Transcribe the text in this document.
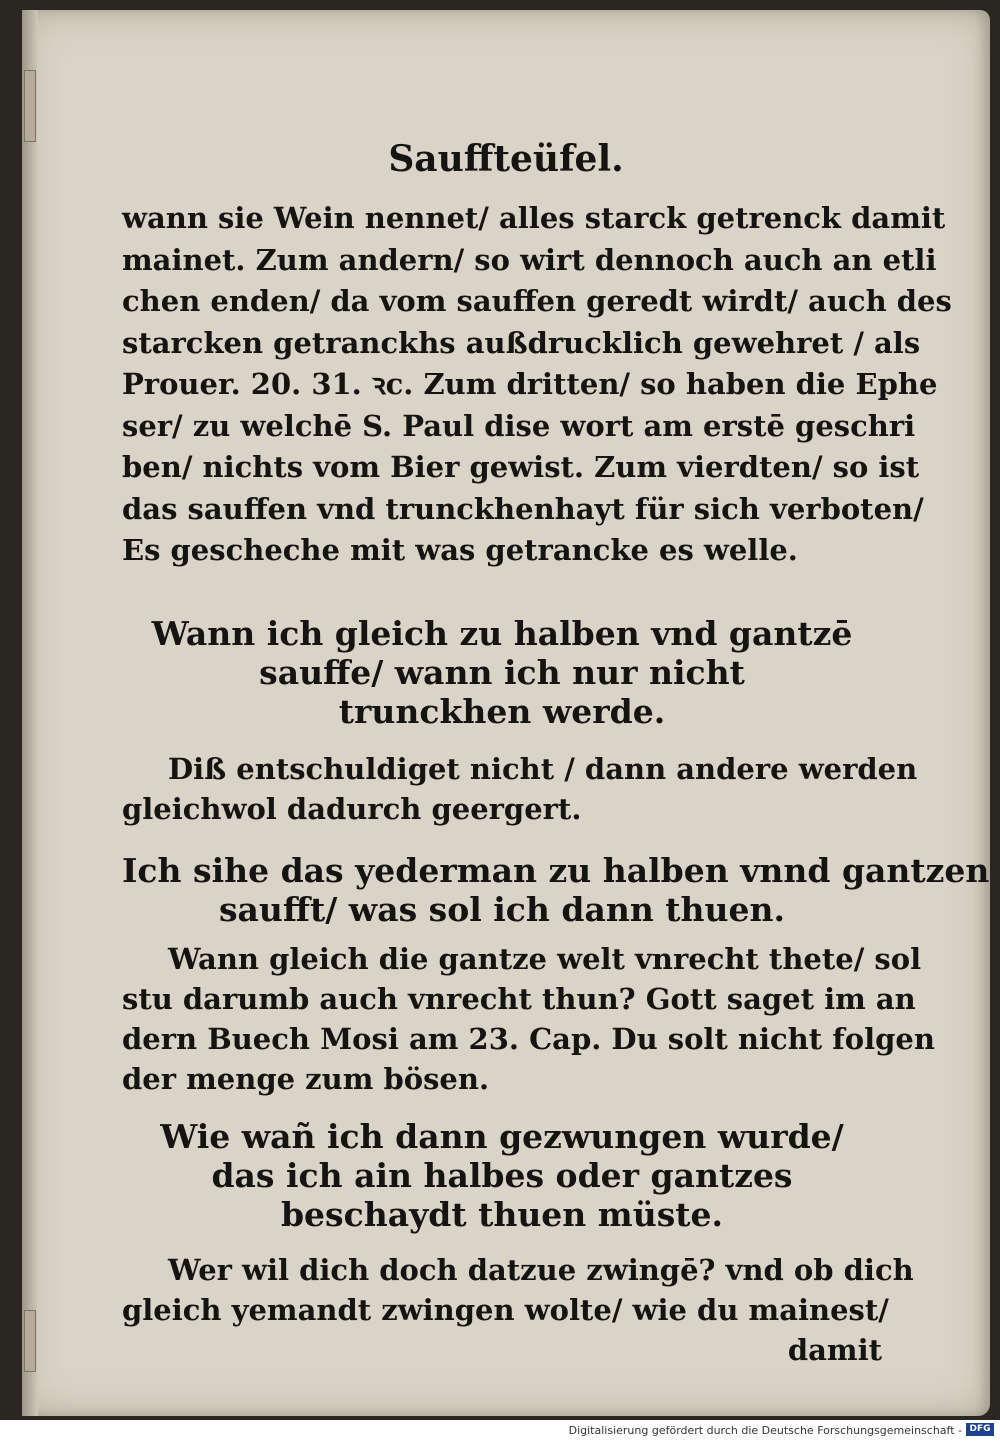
Sauffteüfel.

wann sie Wein nennet/ alles starck getrenck damit
mainet. Zum andern/ so wirt dennoch auch an etli
chen enden/ da vom sauffen geredt wirdt/ auch des
starcken getranckhs außdrucklich gewehret / als
Prouer. 20. 31. ꝛc. Zum dritten/ so haben die Ephe
ser/ zu welchē S. Paul dise wort am erstē geschri
ben/ nichts vom Bier gewist. Zum vierdten/ so ist
das sauffen vnd trunckhenhayt für sich verboten/
Es gescheche mit was getrancke es welle.

Wann ich gleich zu halben vnd gantzē
sauffe/ wann ich nur nicht
trunckhen werde.

Diß entschuldiget nicht / dann andere werden
gleichwol dadurch geergert.

Ich sihe das yederman zu halben vnnd gantzen
saufft/ was sol ich dann thuen.

Wann gleich die gantze welt vnrecht thete/ sol
stu darumb auch vnrecht thun? Gott saget im an
dern Buech Mosi am 23. Cap. Du solt nicht folgen
der menge zum bösen.

Wie wañ ich dann gezwungen wurde/
das ich ain halbes oder gantzes
beschaydt thuen müste.

Wer wil dich doch datzue zwingē? vnd ob dich
gleich yemandt zwingen wolte/ wie du mainest/
damit

Digitalisierung gefördert durch die Deutsche Forschungsgemeinschaft - DFG
